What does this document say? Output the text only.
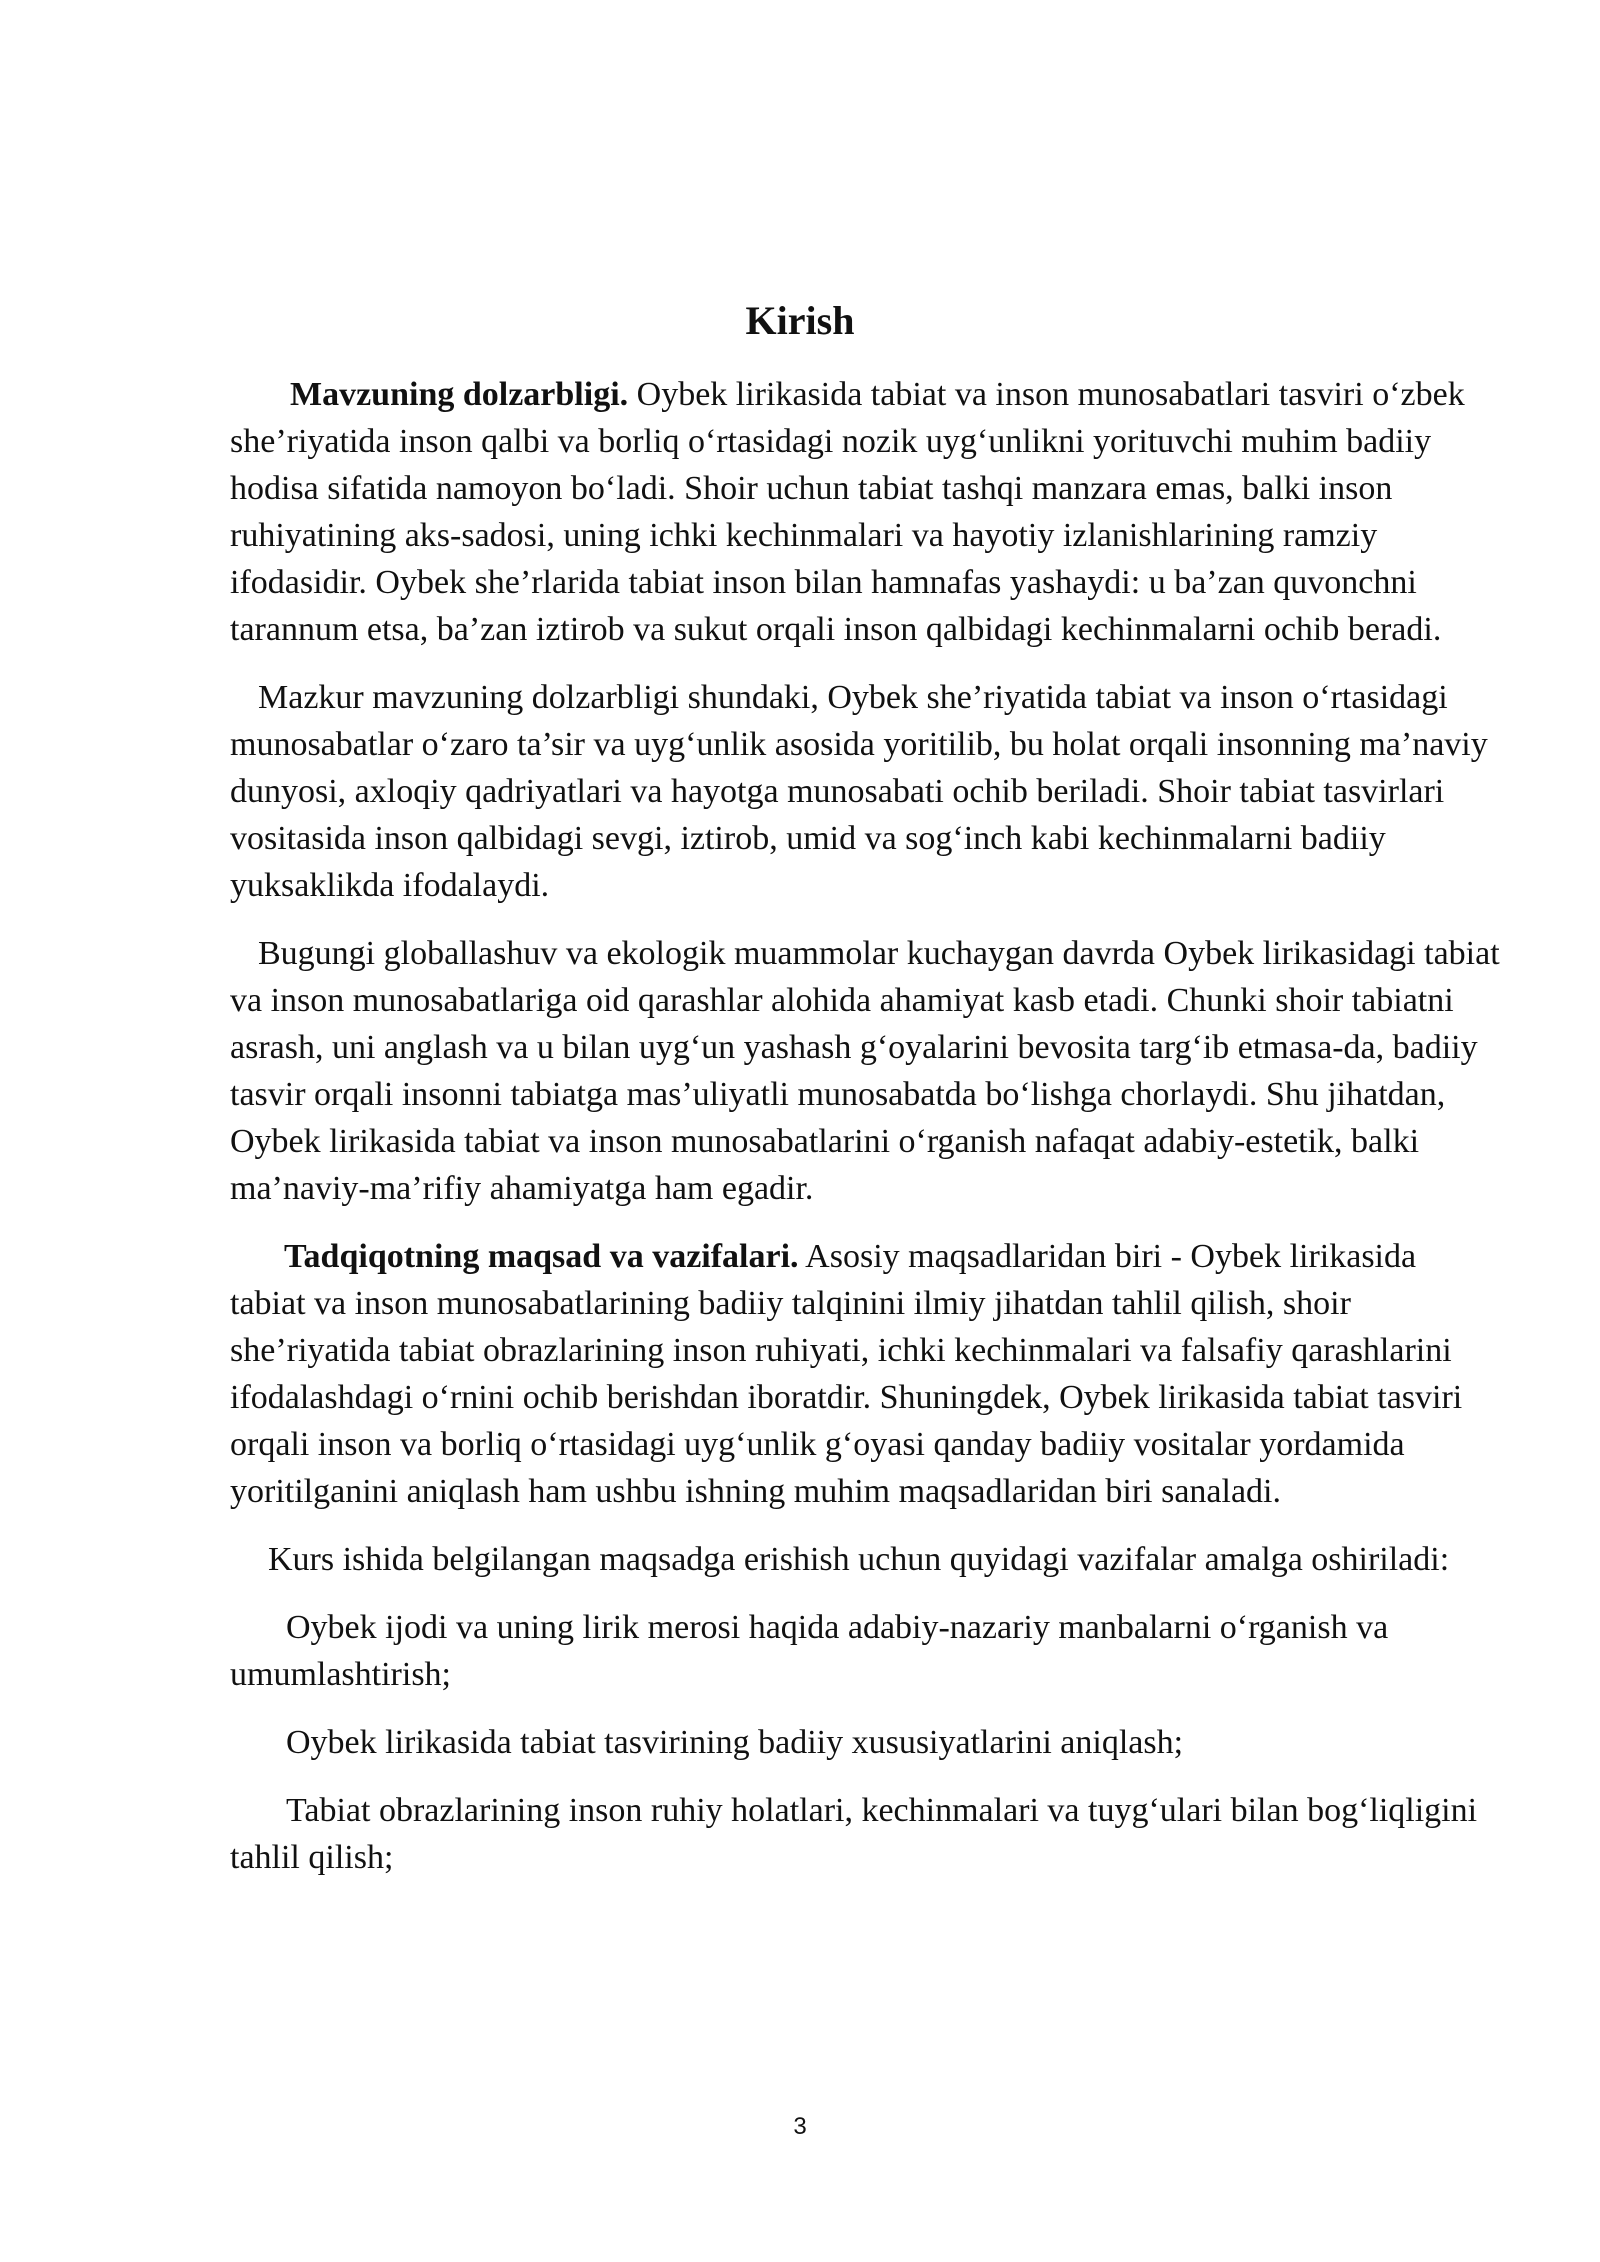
Kirish

Mavzuning dolzarbligi. Oybek lirikasida tabiat va inson munosabatlari tasviri o‘zbek she’riyatida inson qalbi va borliq o‘rtasidagi nozik uyg‘unlikni yorituvchi muhim badiiy hodisa sifatida namoyon bo‘ladi. Shoir uchun tabiat tashqi manzara emas, balki inson ruhiyatining aks-sadosi, uning ichki kechinmalari va hayotiy izlanishlarining ramziy ifodasidir. Oybek she’rlarida tabiat inson bilan hamnafas yashaydi: u ba’zan quvonchni tarannum etsa, ba’zan iztirob va sukut orqali inson qalbidagi kechinmalarni ochib beradi.

Mazkur mavzuning dolzarbligi shundaki, Oybek she’riyatida tabiat va inson o‘rtasidagi munosabatlar o‘zaro ta’sir va uyg‘unlik asosida yoritilib, bu holat orqali insonning ma’naviy dunyosi, axloqiy qadriyatlari va hayotga munosabati ochib beriladi. Shoir tabiat tasvirlari vositasida inson qalbidagi sevgi, iztirob, umid va sog‘inch kabi kechinmalarni badiiy yuksaklikda ifodalaydi.

Bugungi globallashuv va ekologik muammolar kuchaygan davrda Oybek lirikasidagi tabiat va inson munosabatlariga oid qarashlar alohida ahamiyat kasb etadi. Chunki shoir tabiatni asrash, uni anglash va u bilan uyg‘un yashash g‘oyalarini bevosita targ‘ib etmasa-da, badiiy tasvir orqali insonni tabiatga mas’uliyatli munosabatda bo‘lishga chorlaydi. Shu jihatdan, Oybek lirikasida tabiat va inson munosabatlarini o‘rganish nafaqat adabiy-estetik, balki ma’naviy-ma’rifiy ahamiyatga ham egadir.

Tadqiqotning maqsad va vazifalari. Asosiy maqsadlaridan biri - Oybek lirikasida tabiat va inson munosabatlarining badiiy talqinini ilmiy jihatdan tahlil qilish, shoir she’riyatida tabiat obrazlarining inson ruhiyati, ichki kechinmalari va falsafiy qarashlarini ifodalashdagi o‘rnini ochib berishdan iboratdir. Shuningdek, Oybek lirikasida tabiat tasviri orqali inson va borliq o‘rtasidagi uyg‘unlik g‘oyasi qanday badiiy vositalar yordamida yoritilganini aniqlash ham ushbu ishning muhim maqsadlaridan biri sanaladi.

Kurs ishida belgilangan maqsadga erishish uchun quyidagi vazifalar amalga oshiriladi:

Oybek ijodi va uning lirik merosi haqida adabiy-nazariy manbalarni o‘rganish va umumlashtirish;

Oybek lirikasida tabiat tasvirining badiiy xususiyatlarini aniqlash;

Tabiat obrazlarining inson ruhiy holatlari, kechinmalari va tuyg‘ulari bilan bog‘liqligini tahlil qilish;

3
